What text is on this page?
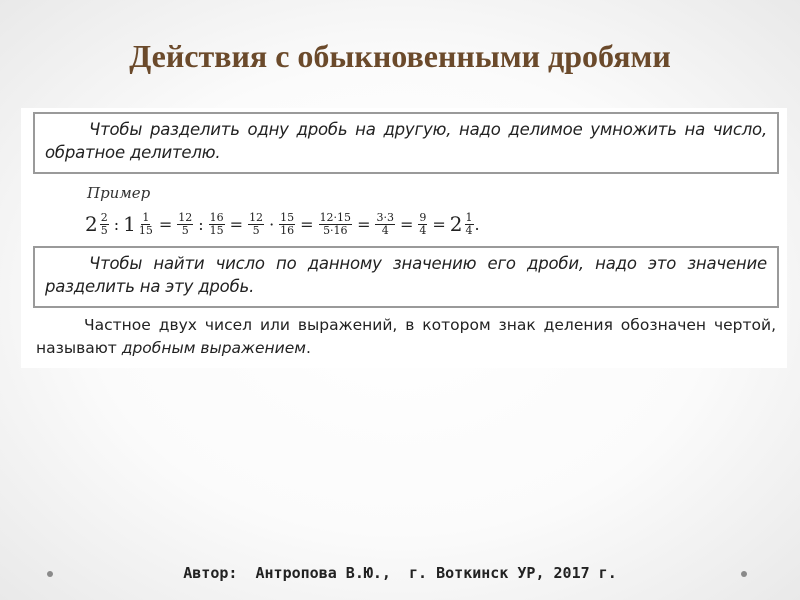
Действия с обыкновенными дробями
Чтобы разделить одну дробь на другую, надо делимое умножить на число, обратное делителю.
Пример
$2 \frac{2}{5}$ : $1 \frac{1}{15} = \frac{12}{5}$ : $\frac{16}{15} = \frac{12}{5} \cdot \frac{15}{16} = \frac{12\cdot 15}{5\cdot 16} = \frac{3\cdot 3}{4} = \frac{9}{4} = 2 \frac{1}{4}$ .
Чтобы найти число по данному значению его дроби, надо это значение разделить на эту дробь.
Частное двух чисел или выражений, в котором знак деления обозначен чертой, называют дробным выражением.
Автор:  Антропова В.Ю.,  г. Воткинск УР, 2017 г.
